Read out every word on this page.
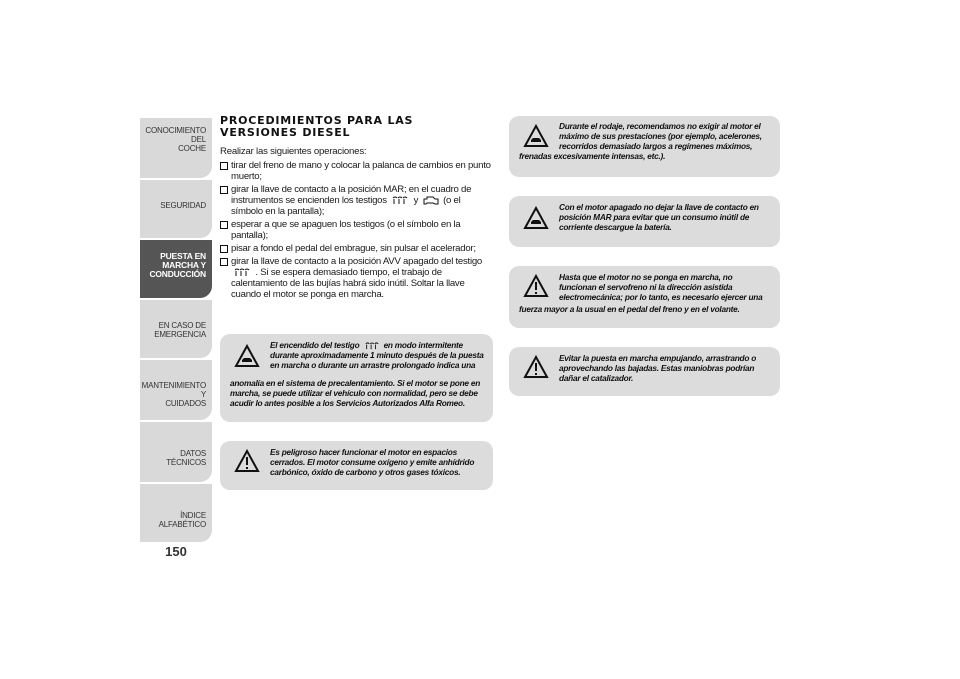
CONOCIMIENTO DEL
COCHE
SEGURIDAD
PUESTA EN
MARCHA Y
CONDUCCIÓN
EN CASO DE
EMERGENCIA
MANTENIMIENTO Y
CUIDADOS
DATOS TÉCNICOS
ÍNDICE ALFABÉTICO
150
PROCEDIMIENTOS PARA LAS
VERSIONES DIESEL
Realizar las siguientes operaciones:
tirar del freno de mano y colocar la palanca de cambios en punto muerto;
girar la llave de contacto a la posición MAR; en el cuadro de instrumentos se encienden los testigos	y	(o el símbolo en la pantalla);
esperar a que se apaguen los testigos (o el símbolo en la pantalla);
pisar a fondo el pedal del embrague, sin pulsar el acelerador;
girar la llave de contacto a la posición AVV apagado del testigo  . Si se espera demasiado tiempo, el trabajo de calentamiento de las bujías habrá sido inútil. Soltar la llave cuando el motor se ponga en marcha.
El encendido del testigo	en modo intermitente
durante aproximadamente 1 minuto después de la puesta
en marcha o durante un arrastre prolongado indica una
anomalía en el sistema de precalentamiento. Si el motor se pone en
marcha, se puede utilizar el vehículo con normalidad, pero se debe
acudir lo antes posible a los Servicios Autorizados Alfa Romeo.
Es peligroso hacer funcionar el motor en espacios
cerrados. El motor consume oxígeno y emite anhídrido
carbónico, óxido de carbono y otros gases tóxicos.
Durante el rodaje, recomendamos no exigir al motor el
máximo de sus prestaciones (por ejemplo, acelerones,
recorridos demasiado largos a regímenes máximos,
frenadas excesivamente intensas, etc.).
Con el motor apagado no dejar la llave de contacto en
posición MAR para evitar que un consumo inútil de
corriente descargue la batería.
Hasta que el motor no se ponga en marcha, no
funcionan el servofreno ni la dirección asistida
electromecánica; por lo tanto, es necesario ejercer una
fuerza mayor a la usual en el pedal del freno y en el volante.
Evitar la puesta en marcha empujando, arrastrando o
aprovechando las bajadas. Estas maniobras podrían
dañar el catalizador.
